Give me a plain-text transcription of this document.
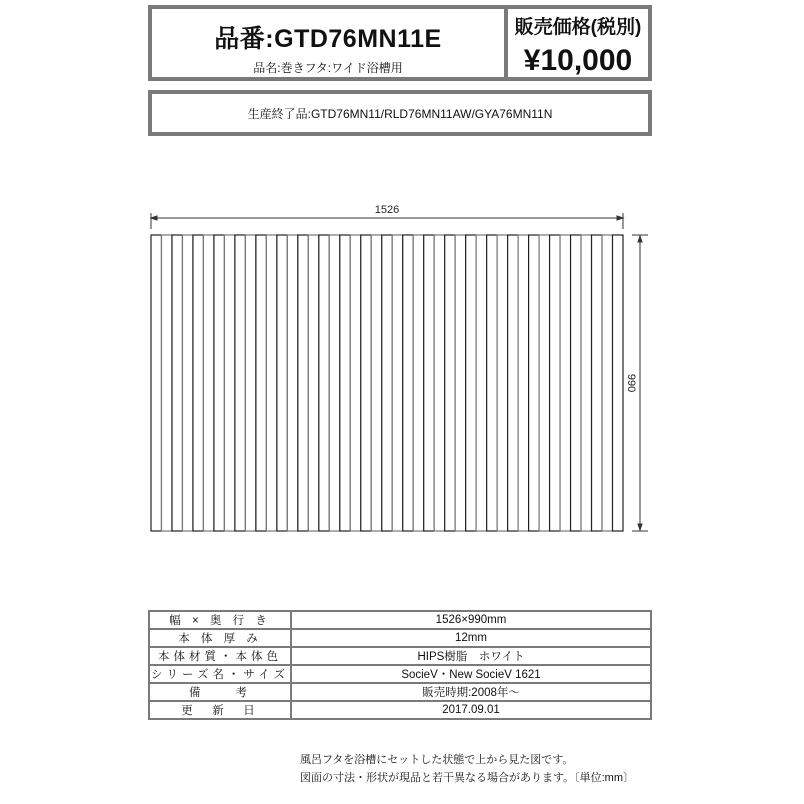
品番:GTD76MN11E
品名:巻きフタ:ワイド浴槽用
販売価格(税別)
¥10,000
生産終了品:GTD76MN11/RLD76MN11AW/GYA76MN11N
1526
990
幅 × 奥 行 き	1526×990mm
本 体 厚 み	12mm
本体材質・本体色	HIPS樹脂　ホワイト
シリーズ名・サイズ	SocieV・New SocieV 1621
備　　考	販売時期:2008年～
更　新　日	2017.09.01
風呂フタを浴槽にセットした状態で上から見た図です。
図面の寸法・形状が現品と若干異なる場合があります。〔単位:mm〕
